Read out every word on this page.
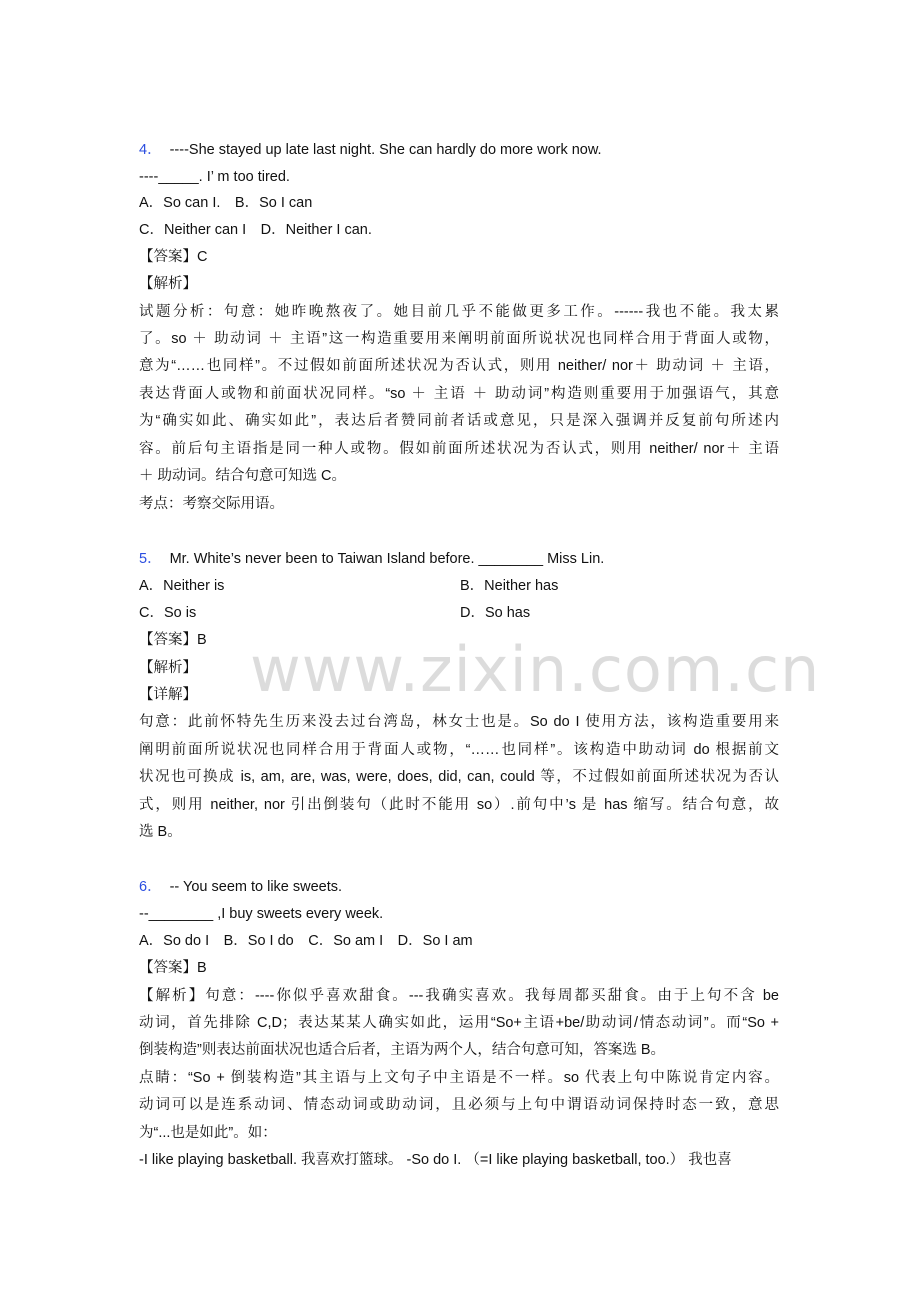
www.zixin.com.cn
4． ----She stayed up late last night. She can hardly do more work now.
----_____. I’ m too tired.
A．So can I.　B．So I can
C．Neither can I　D．Neither I can.
【答案】C
【解析】
试题分析：句意：她昨晚熬夜了。她目前几乎不能做更多工作。------我也不能。我太累
了。so ＋ 助动词 ＋ 主语”这一构造重要用来阐明前面所说状况也同样合用于背面人或物，
意为“……也同样”。不过假如前面所述状况为否认式，则用 neither/ nor＋ 助动词 ＋ 主语，
表达背面人或物和前面状况同样。“so ＋ 主语 ＋ 助动词”构造则重要用于加强语气，其意
为“确实如此、确实如此”，表达后者赞同前者话或意见，只是深入强调并反复前句所述内
容。前后句主语指是同一种人或物。假如前面所述状况为否认式，则用 neither/ nor＋ 主语
＋ 助动词。结合句意可知选 C。
考点：考察交际用语。
5． Mr. White’s never been to Taiwan Island before. ________ Miss Lin.
A．Neither is	B．Neither has
C．So is	D．So has
【答案】B
【解析】
【详解】
句意：此前怀特先生历来没去过台湾岛，林女士也是。So do I 使用方法，该构造重要用来
阐明前面所说状况也同样合用于背面人或物，“……也同样”。该构造中助动词 do 根据前文
状况也可换成 is, am, are, was, were, does, did, can, could 等，不过假如前面所述状况为否认
式，则用 neither, nor 引出倒装句（此时不能用 so）.前句中’s 是 has 缩写。结合句意，故
选 B。
6． -- You seem to like sweets.
--________ ,I buy sweets every week.
A．So do I　B．So I do　C．So am I　D．So I am
【答案】B
【解析】句意：----你似乎喜欢甜食。---我确实喜欢。我每周都买甜食。由于上句不含 be
动词，首先排除 C,D；表达某某人确实如此，运用“So+主语+be/助动词/情态动词”。而“So +
倒装构造”则表达前面状况也适合后者，主语为两个人，结合句意可知，答案选 B。
点睛：“So + 倒装构造”其主语与上文句子中主语是不一样。so 代表上句中陈说肯定内容。
动词可以是连系动词、情态动词或助动词，且必须与上句中谓语动词保持时态一致，意思
为“...也是如此”。如：
-I like playing basketball. 我喜欢打篮球。 -So do I. （=I like playing basketball, too.） 我也喜
